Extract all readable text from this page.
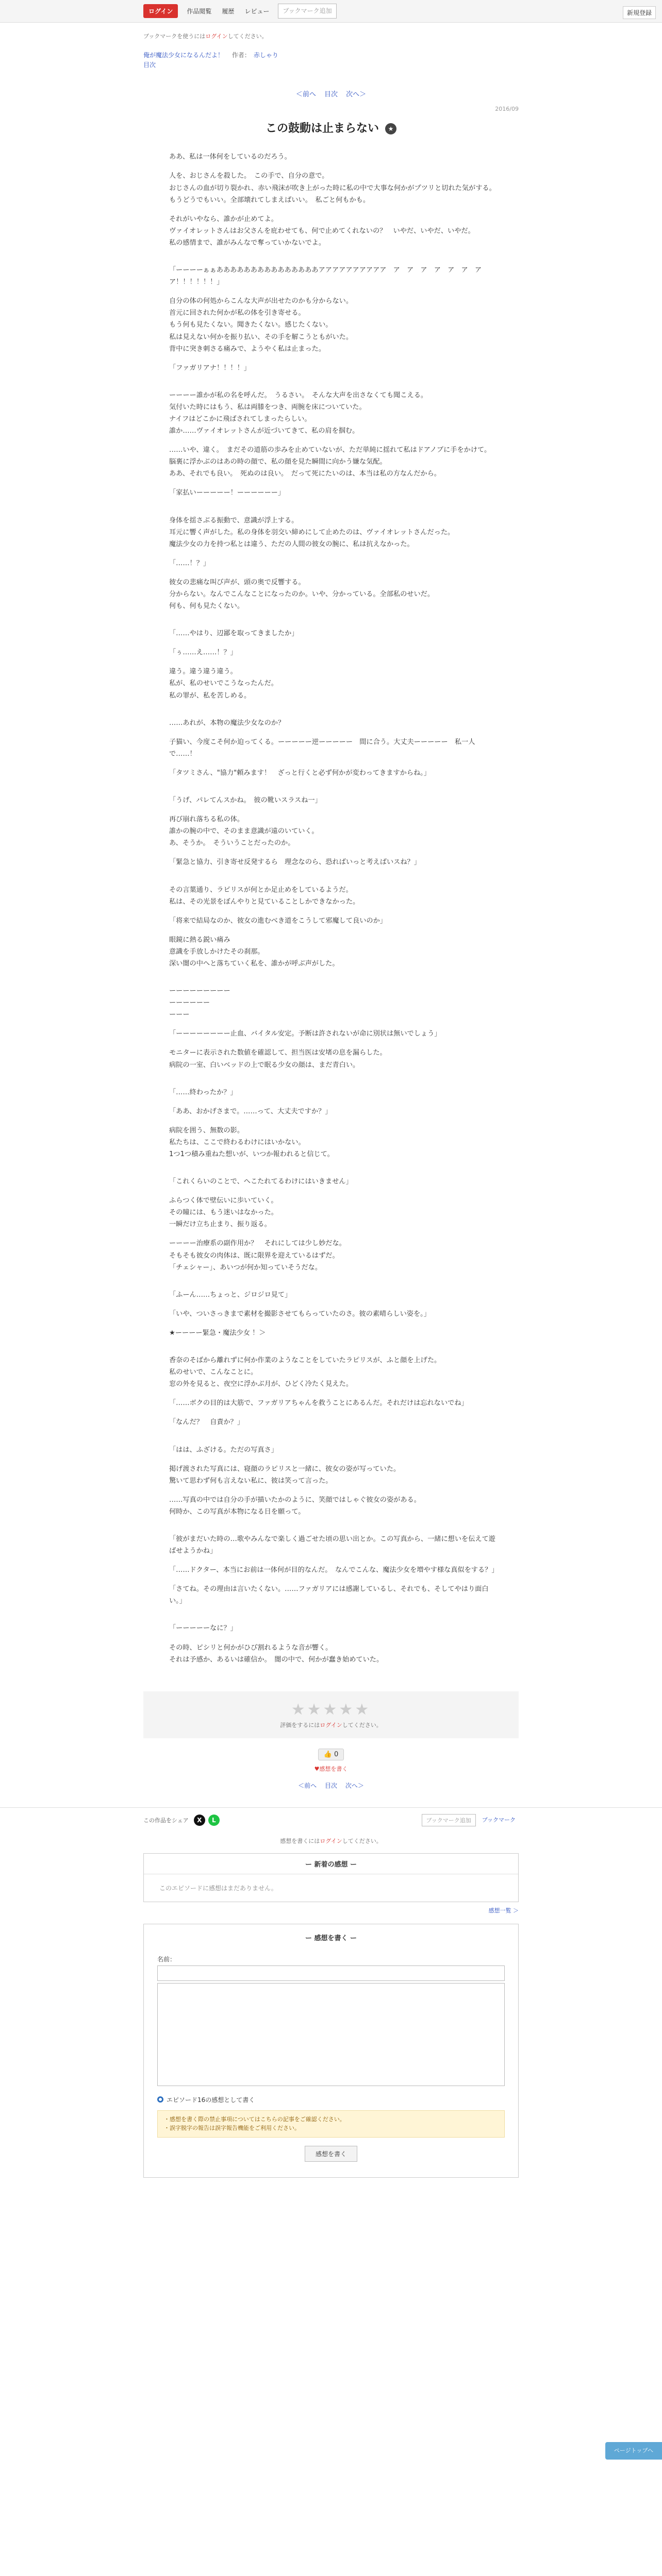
ログイン	作品閲覧	履歴	レビュー	ブックマーク追加	新規登録

ブックマークを使うにはログインしてください。

俺が魔法少女になるんだよ！ 作者： 赤しゃり
目次
＜前へ 目次 次へ＞
2016/09
この鼓動は止まらない ★

ああ、私は一体何をしているのだろう。

人を、おじさんを殺した。　この手で、自分の意で。
おじさんの血が切り裂かれ、赤い飛沫が吹き上がった時に私の中で大事な何かがプツリと切れた気がする。
もうどうでもいい。全部壊れてしまえばいい。　私ごと何もかも。

それがいやなら、誰かが止めてよ。
ヴァイオレットさんはお父さんを庇わせても、何で止めてくれないの？　いやだ、いやだ、いやだ。
私の感情まで、誰がみんなで奪っていかないでよ。

「ーーーーぁぁあああああああああああああああアアアアアアアアアア　ア　ア　ア　ア　ア　ア　ア　ア！！！！！！」

自分の体の何処からこんな大声が出せたのかも分からない。
首元に回された何かが私の体を引き寄せる。
もう何も見たくない。聞きたくない。感じたくない。
私は見えない何かを振り払い、その手を解こうともがいた。
背中に突き刺さる痛みで、ようやく私は止まった。

「ファガリアナ！！！！」

ーーーー誰かが私の名を呼んだ。　うるさい。　そんな大声を出さなくても聞こえる。
気付いた時にはもう、私は両膝をつき、両腕を床についていた。
ナイフはどこかに飛ばされてしまったらしい。
誰か……ヴァイオレットさんが近づいてきて、私の肩を掴む。

……いや、違く。　まだその道筋の歩みを止めていないが、ただ単純に揺れて私はドアノブに手をかけて。
脳裏に浮かぶのはあの時の顔で、私の顔を見た瞬間に向かう嫌な気配。
ああ、それでも良い。　死ぬのは良い。　だって死にたいのは、本当は私の方なんだから。

「家払いーーーーー！ーーーーーー」

身体を揺さぶる振動で、意識が浮上する。
耳元に響く声がした。私の身体を羽交い締めにして止めたのは、ヴァイオレットさんだった。
魔法少女の力を持つ私とは違う、ただの人間の彼女の腕に、私は抗えなかった。

「……！？」

彼女の悲痛な叫び声が、頭の奥で反響する。
分からない。なんでこんなことになったのか。いや、分かっている。全部私のせいだ。
何も、何も見たくない。

「……やはり、辺鄙を取ってきましたか」

「ぅ……え……！？」

違う。違う違う違う。
私が、私のせいでこうなったんだ。
私の罪が、私を苦しめる。

……あれが、本物の魔法少女なのか？

子猫い、今度こそ何か迫ってくる。ーーーーー逆ーーーーー　間に合う。大丈夫ーーーーー　私一人で……！

「タツミさん、"協力"頼みます！　ざっと行くと必ず何かが変わってきますからね。」

「うげ、パレてんスかね。　彼の靴いスラスね一」

再び崩れ落ちる私の体。
誰かの腕の中で、そのまま意識が遠のいていく。
あ、そうか。　そういうことだったのか。

「緊急と協力、引き寄せ反発するら　理念なのら、恐ればいっと考えばいスね？」

その言葉通り、ラピリスが何とか足止めをしているようだ。
私は、その光景をぼんやりと見ていることしかできなかった。

「将来で結局なのか、彼女の進むべき道をこうして邪魔して良いのか」

眼鏡に熱る鋭い痛み
意識を手放しかけたその刹那。
深い闇の中へと落ちていく私を、誰かが呼ぶ声がした。

ーーーーーーーーー
ーーーーーー
ーーー

「ーーーーーーーー止血、バイタル安定。予断は許されないが命に別状は無いでしょう」

モニターに表示された数値を確認して、担当医は安堵の息を漏らした。
病院の一室、白いベッドの上で眠る少女の顔は、まだ青白い。

「……終わったか？」

「ああ、おかげさまで。……って、大丈夫ですか？」

病院を囲う、無数の影。
私たちは、ここで終わるわけにはいかない。
1つ1つ積み重ねた想いが、いつか報われると信じて。

「これくらいのことで、へこたれてるわけにはいきません」

ふらつく体で壁伝いに歩いていく。
その瞳には、もう迷いはなかった。
一瞬だけ立ち止まり、振り返る。

ーーーー治療系の副作用か？　それにしては少し妙だな。
そもそも彼女の肉体は、既に限界を迎えているはずだ。
「チェシャー」、あいつが何か知っていそうだな。

「ふーん……ちょっと、ジロジロ見て」

「いや、ついさっきまで素材を撮影させてもらっていたのさ。彼の素晴らしい姿を。」

★ーーーー緊急・魔法少女 ！＞

香奈のそばから離れずに何か作業のようなことをしていたラピリスが、ふと顔を上げた。
私のせいで、こんなことに。
窓の外を見ると、夜空に浮かぶ月が、ひどく冷たく見えた。

「……ボクの目的は大筋で、ファガリアちゃんを救うことにあるんだ。それだけは忘れないでね」

「なんだ？　自責か？」

「はは、ふざける。ただの写真さ」

掲げ渡された写真には、寝顔のラピリスと一緒に、彼女の姿が写っていた。
驚いて思わず何も言えない私に、彼は笑って言った。

……写真の中では自分の手が描いたかのように、笑顔ではしゃぐ彼女の姿がある。
何時か、この写真が本物になる日を願って。

「彼がまだいた時の…歌やみんなで楽しく過ごせた頃の思い出とか。この写真から、一緒に想いを伝えて遊ばせようかね」

「……ドクター、本当にお前は一体何が目的なんだ。　なんでこんな、魔法少女を増やす様な真似をする？」

「さてね。その理由は言いたくない。……ファガリアには感謝しているし、それでも、そしてやはり面白い。」

「ーーーーーなに？」

その時、ピシリと何かがひび割れるような音が響く。
それは予感か、あるいは確信か。　闇の中で、何かが蠢き始めていた。

★★★★★
評価をするにはログインしてください。
👍 0
♥感想を書く
＜前へ 目次 次へ＞
この作品をシェア	X	L	ブックマーク追加	ブックマーク

感想を書くにはログインしてください。

ー 新着の感想 ー
このエピソードに感想はまだありません。
感想一覧 ＞
ー 感想を書く ー
名前：

エピソード16の感想として書く
・感想を書く際の禁止事項についてはこちらの記事をご確認ください。
・誤字脱字の報告は誤字報告機能をご利用ください。
感想を書く
ページトップへ
